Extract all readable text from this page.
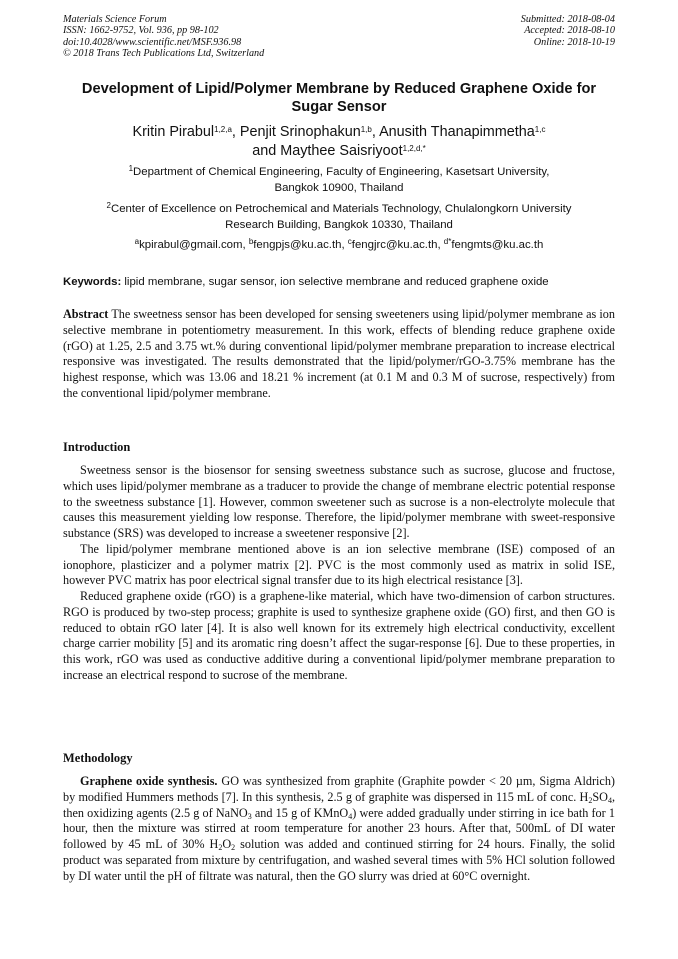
Materials Science Forum
ISSN: 1662-9752, Vol. 936, pp 98-102
doi:10.4028/www.scientific.net/MSF.936.98
© 2018 Trans Tech Publications Ltd, Switzerland
Submitted: 2018-08-04
Accepted: 2018-08-10
Online: 2018-10-19
Development of Lipid/Polymer Membrane by Reduced Graphene Oxide for Sugar Sensor
Kritin Pirabul$^{1,2,a}$, Penjit Srinophakun$^{1,b}$, Anusith Thanapimmetha$^{1,c}$
and Maythee Saisriyoot$^{1,2,d,*}$
$^1$Department of Chemical Engineering, Faculty of Engineering, Kasetsart University,
Bangkok 10900, Thailand
$^2$Center of Excellence on Petrochemical and Materials Technology, Chulalongkorn University
Research Building, Bangkok 10330, Thailand
$^a$kpirabul@gmail.com, $^b$fengpjs@ku.ac.th, $^c$fengjrc@ku.ac.th, $^{d*}$fengmts@ku.ac.th
Keywords: lipid membrane, sugar sensor, ion selective membrane and reduced graphene oxide
Abstract The sweetness sensor has been developed for sensing sweeteners using lipid/polymer membrane as ion selective membrane in potentiometry measurement. In this work, effects of blending reduce graphene oxide (rGO) at 1.25, 2.5 and 3.75 wt.% during conventional lipid/polymer membrane preparation to increase electrical responsive was investigated. The results demonstrated that the lipid/polymer/rGO-3.75% membrane has the highest response, which was 13.06 and 18.21 % increment (at 0.1 M and 0.3 M of sucrose, respectively) from the conventional lipid/polymer membrane.
Introduction

Sweetness sensor is the biosensor for sensing sweetness substance such as sucrose, glucose and fructose, which uses lipid/polymer membrane as a traducer to provide the change of membrane electric potential response to the sweetness substance [1]. However, common sweetener such as sucrose is a non-electrolyte molecule that causes this measurement yielding low response. Therefore, the lipid/polymer membrane with sweet-responsive substance (SRS) was developed to increase a sweetener responsive [2].

The lipid/polymer membrane mentioned above is an ion selective membrane (ISE) composed of an ionophore, plasticizer and a polymer matrix [2]. PVC is the most commonly used as matrix in solid ISE, however PVC matrix has poor electrical signal transfer due to its high electrical resistance [3].

Reduced graphene oxide (rGO) is a graphene-like material, which have two-dimension of carbon structures. RGO is produced by two-step process; graphite is used to synthesize graphene oxide (GO) first, and then GO is reduced to obtain rGO later [4]. It is also well known for its extremely high electrical conductivity, excellent charge carrier mobility [5] and its aromatic ring doesn’t affect the sugar-response [6]. Due to these properties, in this work, rGO was used as conductive additive during a conventional lipid/polymer membrane preparation to increase an electrical respond to sucrose of the membrane.

Methodology

Graphene oxide synthesis. GO was synthesized from graphite (Graphite powder < 20 µm, Sigma Aldrich) by modified Hummers methods [7]. In this synthesis, 2.5 g of graphite was dispersed in 115 mL of conc. $H_2SO_4$, then oxidizing agents (2.5 g of NaNO$_3$ and 15 g of KMnO$_4$) were added gradually under stirring in ice bath for 1 hour, then the mixture was stirred at room temperature for another 23 hours. After that, 500mL of DI water followed by 45 mL of 30% $H_2O_2$ solution was added and continued stirring for 24 hours. Finally, the solid product was separated from mixture by centrifugation, and washed several times with 5% HCl solution followed by DI water until the pH of filtrate was natural, then the GO slurry was dried at 60°C overnight.
